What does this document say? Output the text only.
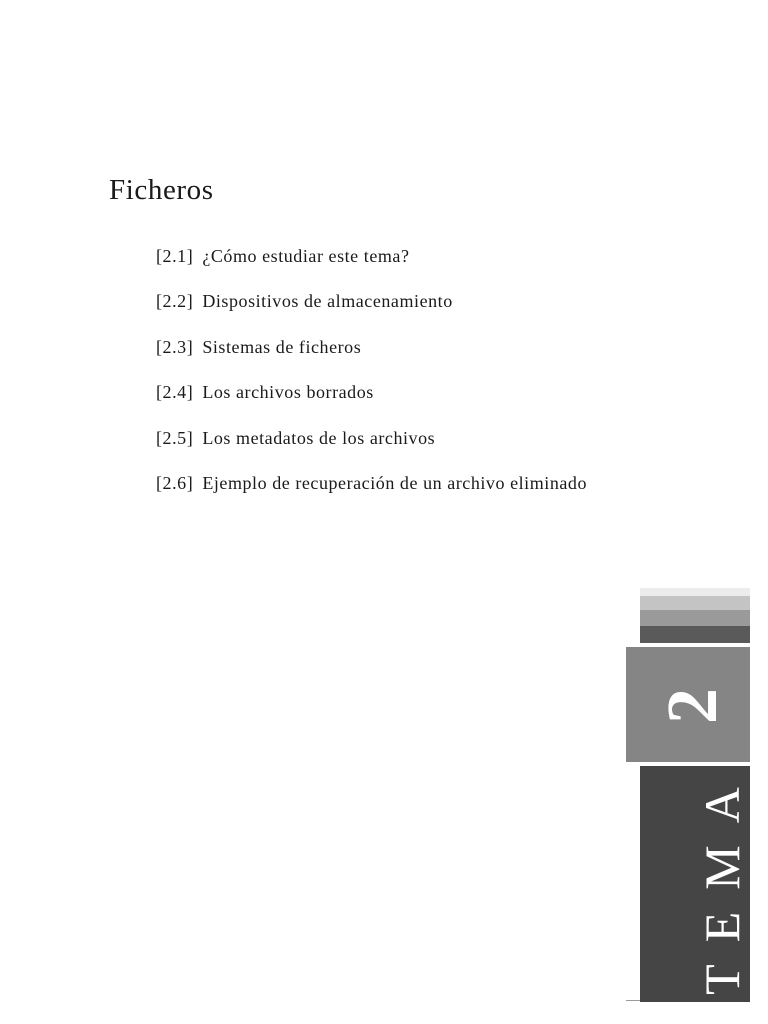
Ficheros
[2.1] ¿Cómo estudiar este tema?
[2.2] Dispositivos de almacenamiento
[2.3] Sistemas de ficheros
[2.4] Los archivos borrados
[2.5] Los metadatos de los archivos
[2.6] Ejemplo de recuperación de un archivo eliminado
2
TEMA
